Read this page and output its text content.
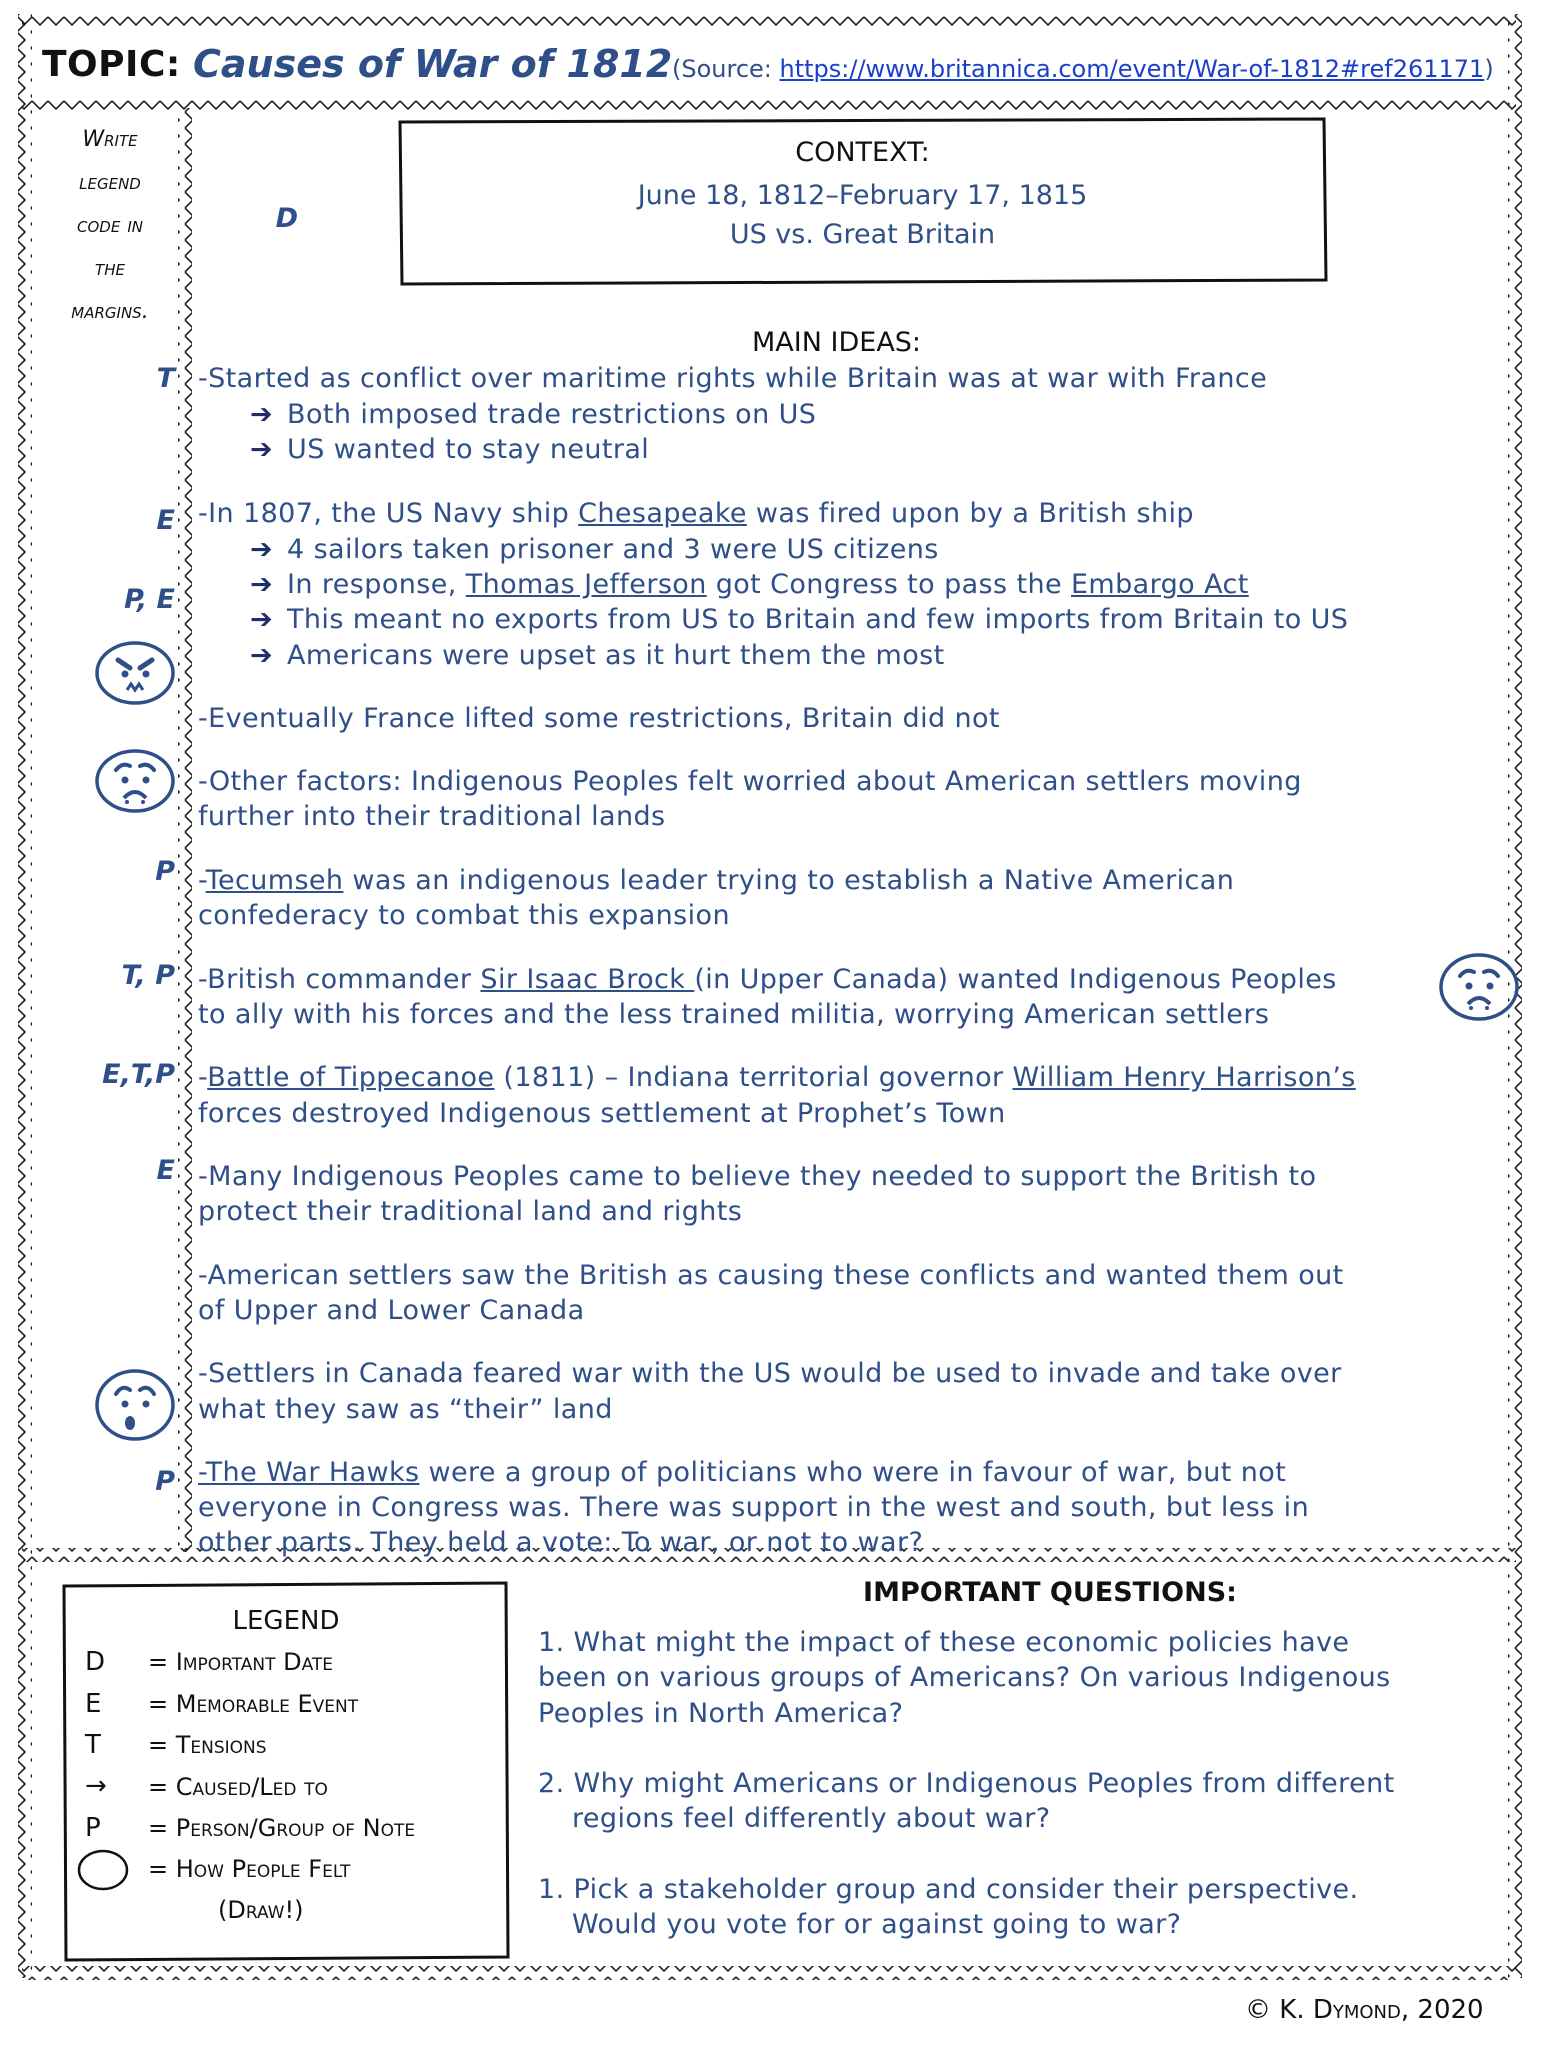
TOPIC: Causes of War of 1812 (Source: https://www.britannica.com/event/War-of-1812#ref261171)
Write
legend
code in
the
margins.
D
CONTEXT:
June 18, 1812–February 17, 1815
US vs. Great Britain
MAIN IDEAS:
T
E
P, E
P
T, P
E,T,P
E
P
-Started as conflict over maritime rights while Britain was at war with France
➔ Both imposed trade restrictions on US
➔ US wanted to stay neutral
-In 1807, the US Navy ship Chesapeake was fired upon by a British ship
➔ 4 sailors taken prisoner and 3 were US citizens
➔ In response, Thomas Jefferson got Congress to pass the Embargo Act
➔ This meant no exports from US to Britain and few imports from Britain to US
➔ Americans were upset as it hurt them the most
-Eventually France lifted some restrictions, Britain did not
-Other factors: Indigenous Peoples felt worried about American settlers moving
further into their traditional lands
-Tecumseh was an indigenous leader trying to establish a Native American
confederacy to combat this expansion
-British commander Sir Isaac Brock (in Upper Canada) wanted Indigenous Peoples
to ally with his forces and the less trained militia, worrying American settlers
-Battle of Tippecanoe (1811) – Indiana territorial governor William Henry Harrison’s
forces destroyed Indigenous settlement at Prophet’s Town
-Many Indigenous Peoples came to believe they needed to support the British to
protect their traditional land and rights
-American settlers saw the British as causing these conflicts and wanted them out
of Upper and Lower Canada
-Settlers in Canada feared war with the US would be used to invade and take over
what they saw as “their” land
-The War Hawks were a group of politicians who were in favour of war, but not
everyone in Congress was. There was support in the west and south, but less in
other parts. They held a vote: To war, or not to war?
LEGEND
D = Important Date
E = Memorable Event
T = Tensions
→ = Caused/Led to
P = Person/Group of Note
= How People Felt
(Draw!)
IMPORTANT QUESTIONS:
1. What might the impact of these economic policies have
been on various groups of Americans? On various Indigenous
Peoples in North America?
2. Why might Americans or Indigenous Peoples from different
regions feel differently about war?
1. Pick a stakeholder group and consider their perspective.
Would you vote for or against going to war?
© K. Dymond, 2020
